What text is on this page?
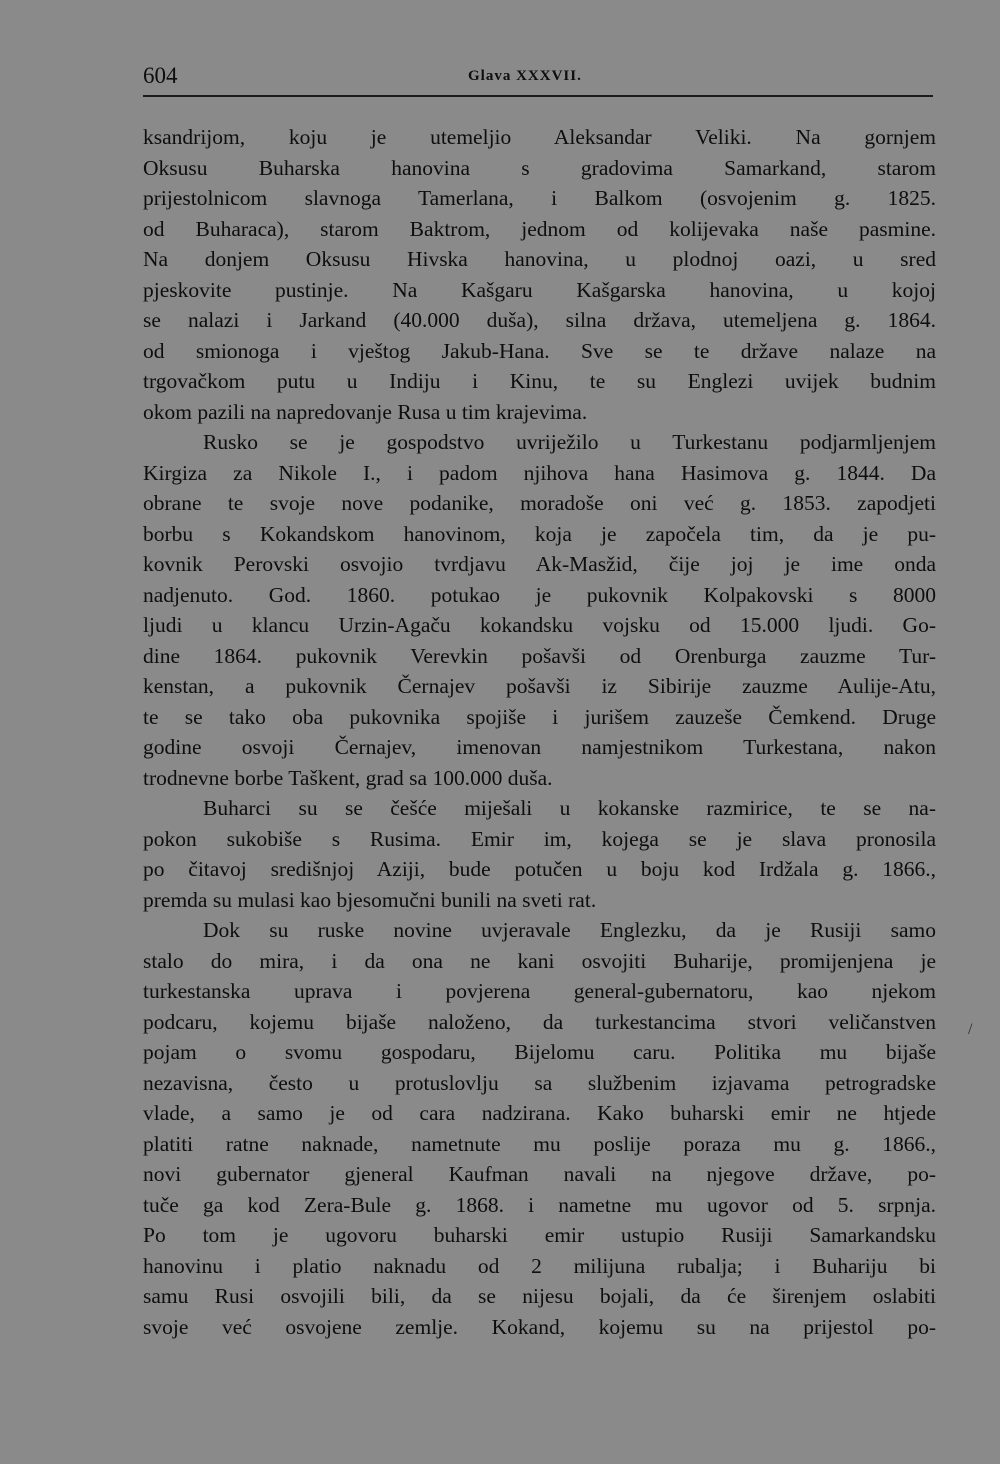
604	Glava XXXVII.
ksandrijom, koju je utemeljio Aleksandar Veliki. Na gornjem
Oksusu Buharska hanovina s gradovima Samarkand, starom
prijestolnicom slavnoga Tamerlana, i Balkom (osvojenim g. 1825.
od Buharaca), starom Baktrom, jednom od kolijevaka naše pasmine.
Na donjem Oksusu Hivska hanovina, u plodnoj oazi, u sred
pjeskovite pustinje. Na Kašgaru Kašgarska hanovina, u kojoj
se nalazi i Jarkand (40.000 duša), silna država, utemeljena g. 1864.
od smionoga i vještog Jakub-Hana. Sve se te države nalaze na
trgovačkom putu u Indiju i Kinu, te su Englezi uvijek budnim
okom pazili na napredovanje Rusa u tim krajevima.
Rusko se je gospodstvo uvriježilo u Turkestanu podjarmljenjem
Kirgiza za Nikole I., i padom njihova hana Hasimova g. 1844. Da
obrane te svoje nove podanike, moradoše oni već g. 1853. zapodjeti
borbu s Kokandskom hanovinom, koja je započela tim, da je pu-
kovnik Perovski osvojio tvrdjavu Ak-Masžid, čije joj je ime onda
nadjenuto. God. 1860. potukao je pukovnik Kolpakovski s 8000
ljudi u klancu Urzin-Agaču kokandsku vojsku od 15.000 ljudi. Go-
dine 1864. pukovnik Verevkin pošavši od Orenburga zauzme Tur-
kenstan, a pukovnik Černajev pošavši iz Sibirije zauzme Aulije-Atu,
te se tako oba pukovnika spojiše i jurišem zauzeše Čemkend. Druge
godine osvoji Černajev, imenovan namjestnikom Turkestana, nakon
trodnevne borbe Taškent, grad sa 100.000 duša.
Buharci su se češće miješali u kokanske razmirice, te se na-
pokon sukobiše s Rusima. Emir im, kojega se je slava pronosila
po čitavoj središnjoj Aziji, bude potučen u boju kod Irdžala g. 1866.,
premda su mulasi kao bjesomučni bunili na sveti rat.
Dok su ruske novine uvjeravale Englezku, da je Rusiji samo
stalo do mira, i da ona ne kani osvojiti Buharije, promijenjena je
turkestanska uprava i povjerena general-gubernatoru, kao njekom
podcaru, kojemu bijaše naloženo, da turkestancima stvori veličanstven
pojam o svomu gospodaru, Bijelomu caru. Politika mu bijaše
nezavisna, često u protuslovlju sa službenim izjavama petrogradske
vlade, a samo je od cara nadzirana. Kako buharski emir ne htjede
platiti ratne naknade, nametnute mu poslije poraza mu g. 1866.,
novi gubernator gjeneral Kaufman navali na njegove države, po-
tuče ga kod Zera-Bule g. 1868. i nametne mu ugovor od 5. srpnja.
Po tom je ugovoru buharski emir ustupio Rusiji Samarkandsku
hanovinu i platio naknadu od 2 milijuna rubalja; i Buhariju bi
samu Rusi osvojili bili, da se nijesu bojali, da će širenjem oslabiti
svoje već osvojene zemlje. Kokand, kojemu su na prijestol po-
/
